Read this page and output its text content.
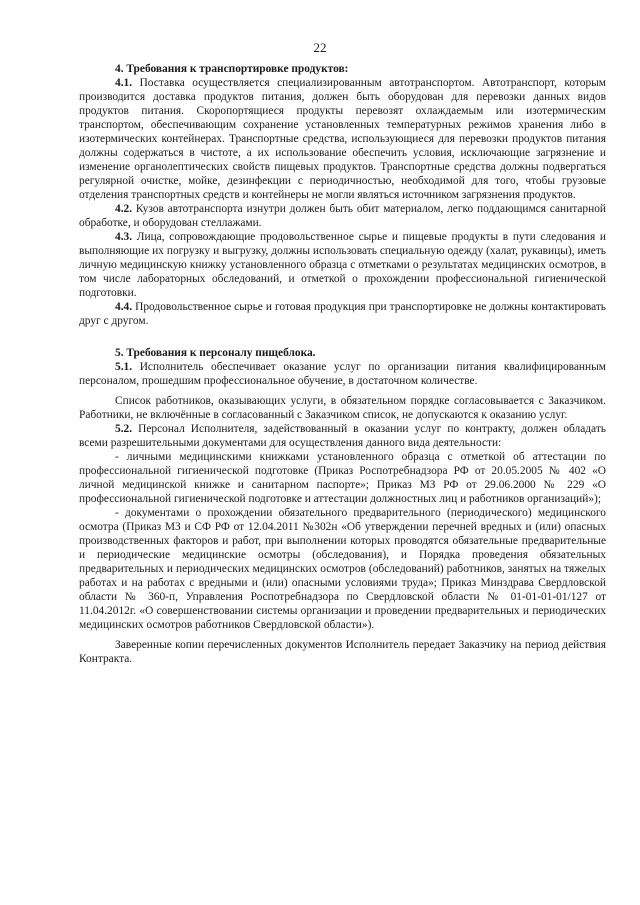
22
4. Требования к транспортировке продуктов:

4.1. Поставка осуществляется специализированным автотранспортом. Автотранспорт, которым производится доставка продуктов питания, должен быть оборудован для перевозки данных видов продуктов питания. Скоропортящиеся продукты перевозят охлаждаемым или изотермическим транспортом, обеспечивающим сохранение установленных температурных режимов хранения либо в изотермических контейнерах. Транспортные средства, использующиеся для перевозки продуктов питания должны содержаться в чистоте, а их использование обеспечить условия, исключающие загрязнение и изменение органолептических свойств пищевых продуктов. Транспортные средства должны подвергаться регулярной очистке, мойке, дезинфекции с периодичностью, необходимой для того, чтобы грузовые отделения транспортных средств и контейнеры не могли являться источником загрязнения продуктов.

4.2. Кузов автотранспорта изнутри должен быть обит материалом, легко поддающимся санитарной обработке, и оборудован стеллажами.

4.3. Лица, сопровождающие продовольственное сырье и пищевые продукты в пути следования и выполняющие их погрузку и выгрузку, должны использовать специальную одежду (халат, рукавицы), иметь личную медицинскую книжку установленного образца с отметками о результатах медицинских осмотров, в том числе лабораторных обследований, и отметкой о прохождении профессиональной гигиенической подготовки.

4.4. Продовольственное сырье и готовая продукция при транспортировке не должны контактировать друг с другом.

5. Требования к персоналу пищеблока.

5.1. Исполнитель обеспечивает оказание услуг по организации питания квалифицированным персоналом, прошедшим профессиональное обучение, в достаточном количестве.

Список работников, оказывающих услуги, в обязательном порядке согласовывается с Заказчиком. Работники, не включённые в согласованный с Заказчиком список, не допускаются к оказанию услуг.

5.2. Персонал Исполнителя, задействованный в оказании услуг по контракту, должен обладать всеми разрешительными документами для осуществления данного вида деятельности:

- личными медицинскими книжками установленного образца с отметкой об аттестации по профессиональной гигиенической подготовке (Приказ Роспотребнадзора РФ от 20.05.2005 № 402 «О личной медицинской книжке и санитарном паспорте»; Приказ МЗ РФ от 29.06.2000 № 229 «О профессиональной гигиенической подготовке и аттестации должностных лиц и работников организаций»);

- документами о прохождении обязательного предварительного (периодического) медицинского осмотра (Приказ МЗ и СФ РФ от 12.04.2011 №302н «Об утверждении перечней вредных и (или) опасных производственных факторов и работ, при выполнении которых проводятся обязательные предварительные и периодические медицинские осмотры (обследования), и Порядка проведения обязательных предварительных и периодических медицинских осмотров (обследований) работников, занятых на тяжелых работах и на работах с вредными и (или) опасными условиями труда»; Приказ Минздрава Свердловской области № 360-п, Управления Роспотребнадзора по Свердловской области № 01-01-01-01/127 от 11.04.2012г. «О совершенствовании системы организации и проведении предварительных и периодических медицинских осмотров работников Свердловской области»).

Заверенные копии перечисленных документов Исполнитель передает Заказчику на период действия Контракта.
